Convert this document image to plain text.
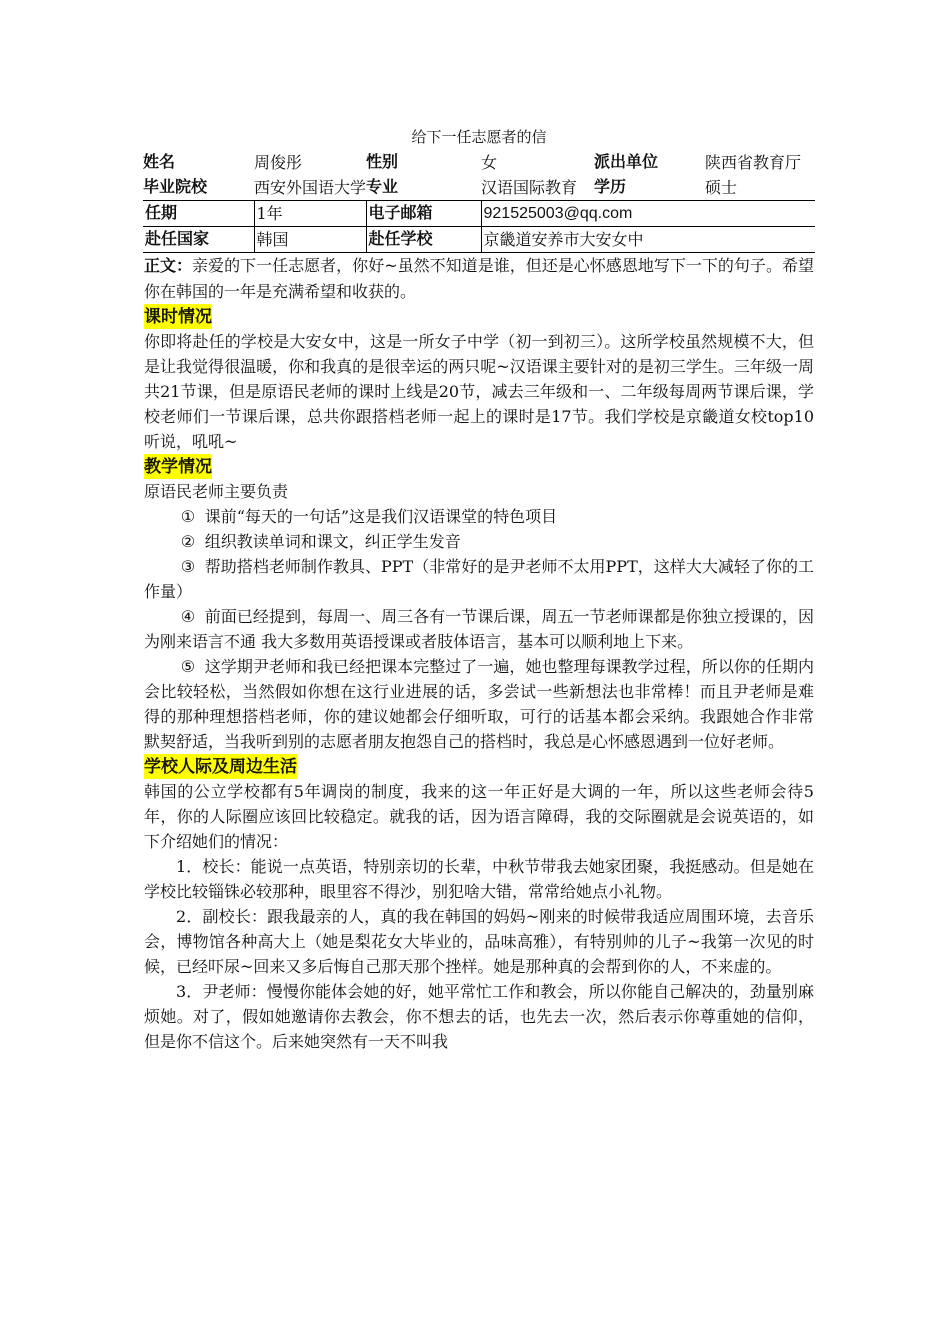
给下一任志愿者的信

姓名	周俊彤	性别	女	派出单位	陕西省教育厅
毕业院校	西安外国语大学	专业	汉语国际教育	学历	硕士
任期	1年	电子邮箱	921525003@qq.com		
赴任国家	韩国	赴任学校	京畿道安养市大安女中		

正文：亲爱的下一任志愿者，你好~虽然不知道是谁，但还是心怀感恩地写下一下的句子。希望你在韩国的一年是充满希望和收获的。

课时情况

你即将赴任的学校是大安女中，这是一所女子中学（初一到初三）。这所学校虽然规模不大，但是让我觉得很温暖，你和我真的是很幸运的两只呢~汉语课主要针对的是初三学生。三年级一周共21节课，但是原语民老师的课时上线是20节，减去三年级和一、二年级每周两节课后课，学校老师们一节课后课，总共你跟搭档老师一起上的课时是17节。我们学校是京畿道女校top10听说，吼吼~

教学情况

原语民老师主要负责

① 课前“每天的一句话”这是我们汉语课堂的特色项目

② 组织教读单词和课文，纠正学生发音

③ 帮助搭档老师制作教具、PPT（非常好的是尹老师不太用PPT，这样大大减轻了你的工作量）

④ 前面已经提到，每周一、周三各有一节课后课，周五一节老师课都是你独立授课的，因为刚来语言不通 我大多数用英语授课或者肢体语言，基本可以顺利地上下来。

⑤ 这学期尹老师和我已经把课本完整过了一遍，她也整理每课教学过程，所以你的任期内会比较轻松，当然假如你想在这行业进展的话，多尝试一些新想法也非常棒！而且尹老师是难得的那种理想搭档老师，你的建议她都会仔细听取，可行的话基本都会采纳。我跟她合作非常默契舒适，当我听到别的志愿者朋友抱怨自己的搭档时，我总是心怀感恩遇到一位好老师。

学校人际及周边生活

韩国的公立学校都有5年调岗的制度，我来的这一年正好是大调的一年，所以这些老师会待5年，你的人际圈应该回比较稳定。就我的话，因为语言障碍，我的交际圈就是会说英语的，如下介绍她们的情况：

1．校长：能说一点英语，特别亲切的长辈，中秋节带我去她家团聚，我挺感动。但是她在学校比较锱铢必较那种，眼里容不得沙，别犯啥大错，常常给她点小礼物。

2．副校长：跟我最亲的人，真的我在韩国的妈妈~刚来的时候带我适应周围环境，去音乐会，博物馆各种高大上（她是梨花女大毕业的，品味高雅），有特别帅的儿子~我第一次见的时候，已经吓尿~回来又多后悔自己那天那个挫样。她是那种真的会帮到你的人，不来虚的。

3．尹老师：慢慢你能体会她的好，她平常忙工作和教会，所以你能自己解决的，劲量别麻烦她。对了，假如她邀请你去教会，你不想去的话，也先去一次，然后表示你尊重她的信仰，但是你不信这个。后来她突然有一天不叫我
